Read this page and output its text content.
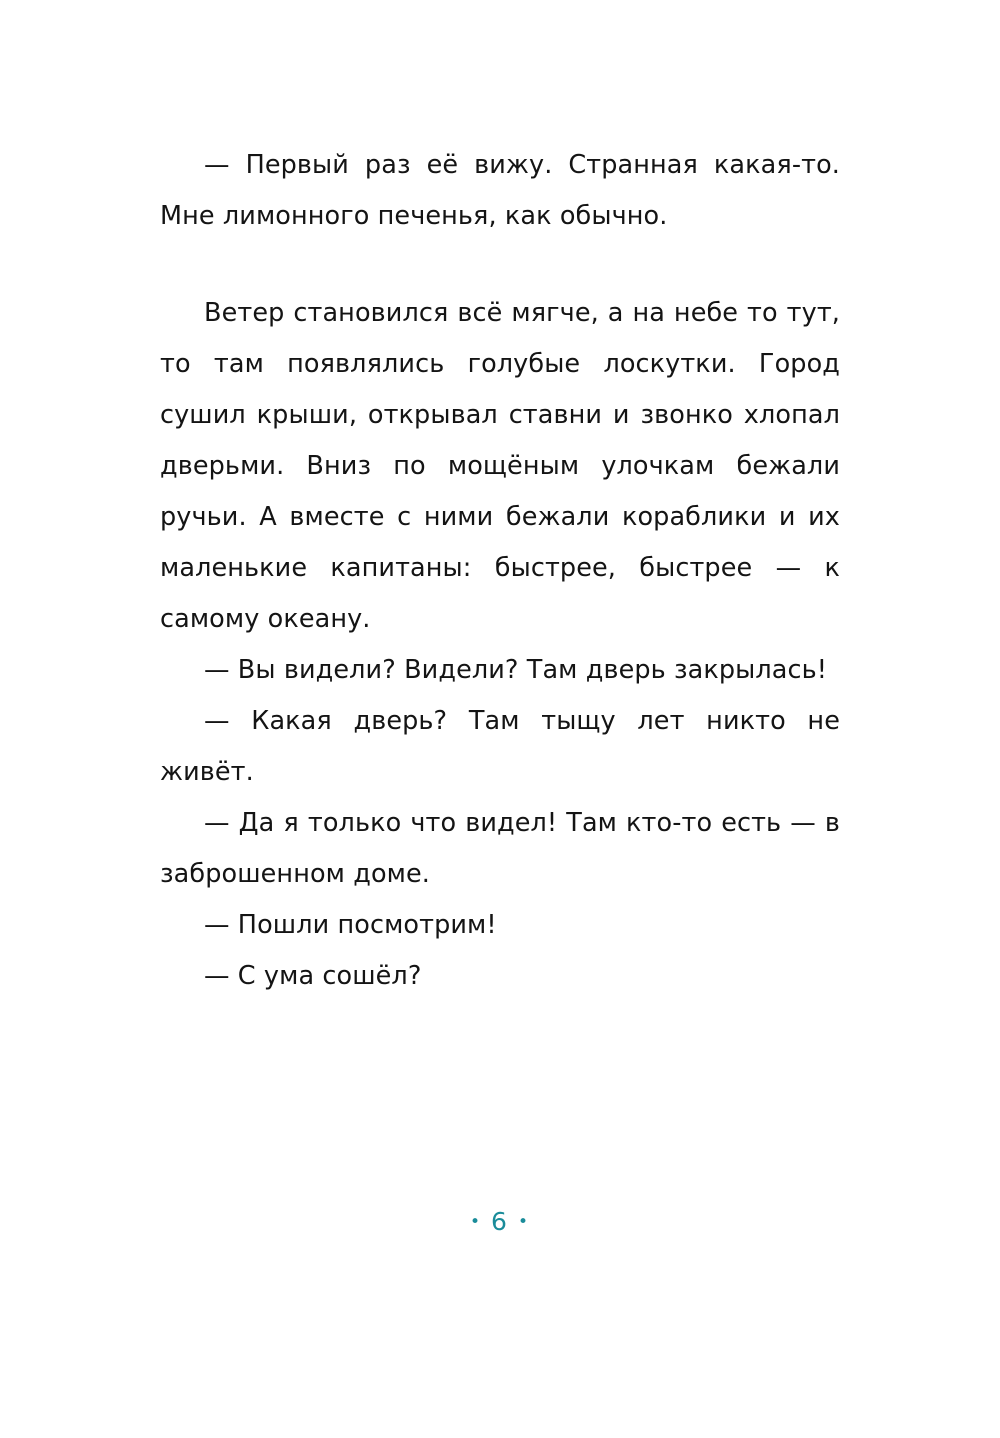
— Первый раз её вижу. Странная какая-то. Мне лимонного печенья, как обычно.

Ветер становился всё мягче, а на небе то тут, то там появлялись голубые лоскутки. Город сушил крыши, открывал ставни и звонко хлопал дверьми. Вниз по мощёным улочкам бежали ручьи. А вместе с ними бежали кораблики и их маленькие капитаны: быстрее, быстрее — к самому океану.

— Вы видели? Видели? Там дверь закрылась!

— Какая дверь? Там тыщу лет никто не живёт.

— Да я только что видел! Там кто-то есть — в заброшенном доме.

— Пошли посмотрим!

— С ума сошёл?

• 6 •
